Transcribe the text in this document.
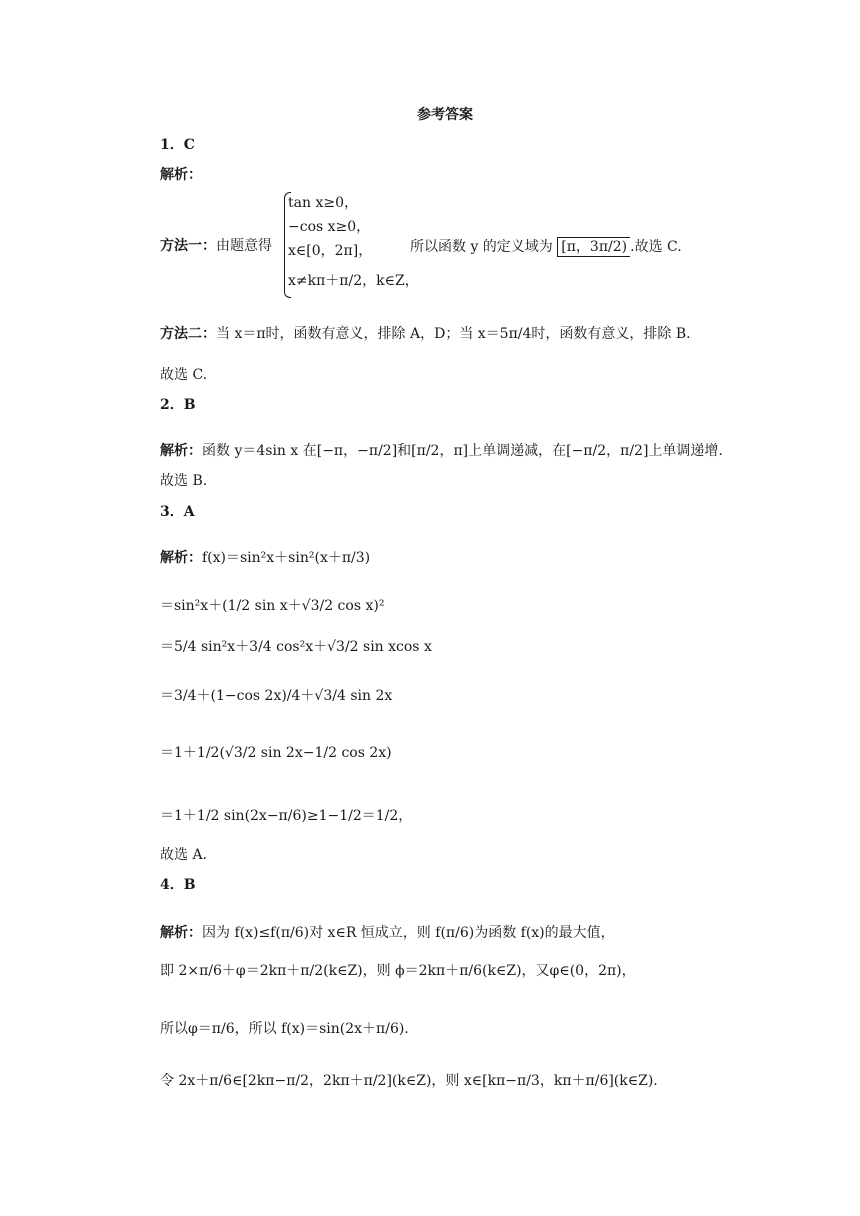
参考答案
1．C
解析：
方法一：由题意得
tan x≥0，
−cos x≥0，
x∈[0，2π]，
x≠kπ＋π/2，k∈Z，
所以函数 y 的定义域为 [π，3π/2) .故选 C.
方法二：当 x＝π时，函数有意义，排除 A，D；当 x＝5π/4时，函数有意义，排除 B.
故选 C.
2．B
解析：函数 y＝4sin x 在[−π，−π/2]和[π/2，π]上单调递减，在[−π/2，π/2]上单调递增.
故选 B.
3．A
解析：f(x)＝sin²x＋sin²(x＋π/3)
＝sin²x＋(1/2 sin x＋√3/2 cos x)²
＝5/4 sin²x＋3/4 cos²x＋√3/2 sin xcos x
＝3/4＋(1−cos 2x)/4＋√3/4 sin 2x
＝1＋1/2(√3/2 sin 2x−1/2 cos 2x)
＝1＋1/2 sin(2x−π/6)≥1−1/2＝1/2，
故选 A.
4．B
解析：因为 f(x)≤f(π/6)对 x∈R 恒成立，则 f(π/6)为函数 f(x)的最大值，
即 2×π/6＋φ＝2kπ＋π/2(k∈Z)，则 ϕ＝2kπ＋π/6(k∈Z)，又φ∈(0，2π)，
所以φ＝π/6，所以 f(x)＝sin(2x＋π/6).
令 2x＋π/6∈[2kπ−π/2，2kπ＋π/2](k∈Z)，则 x∈[kπ−π/3，kπ＋π/6](k∈Z).
